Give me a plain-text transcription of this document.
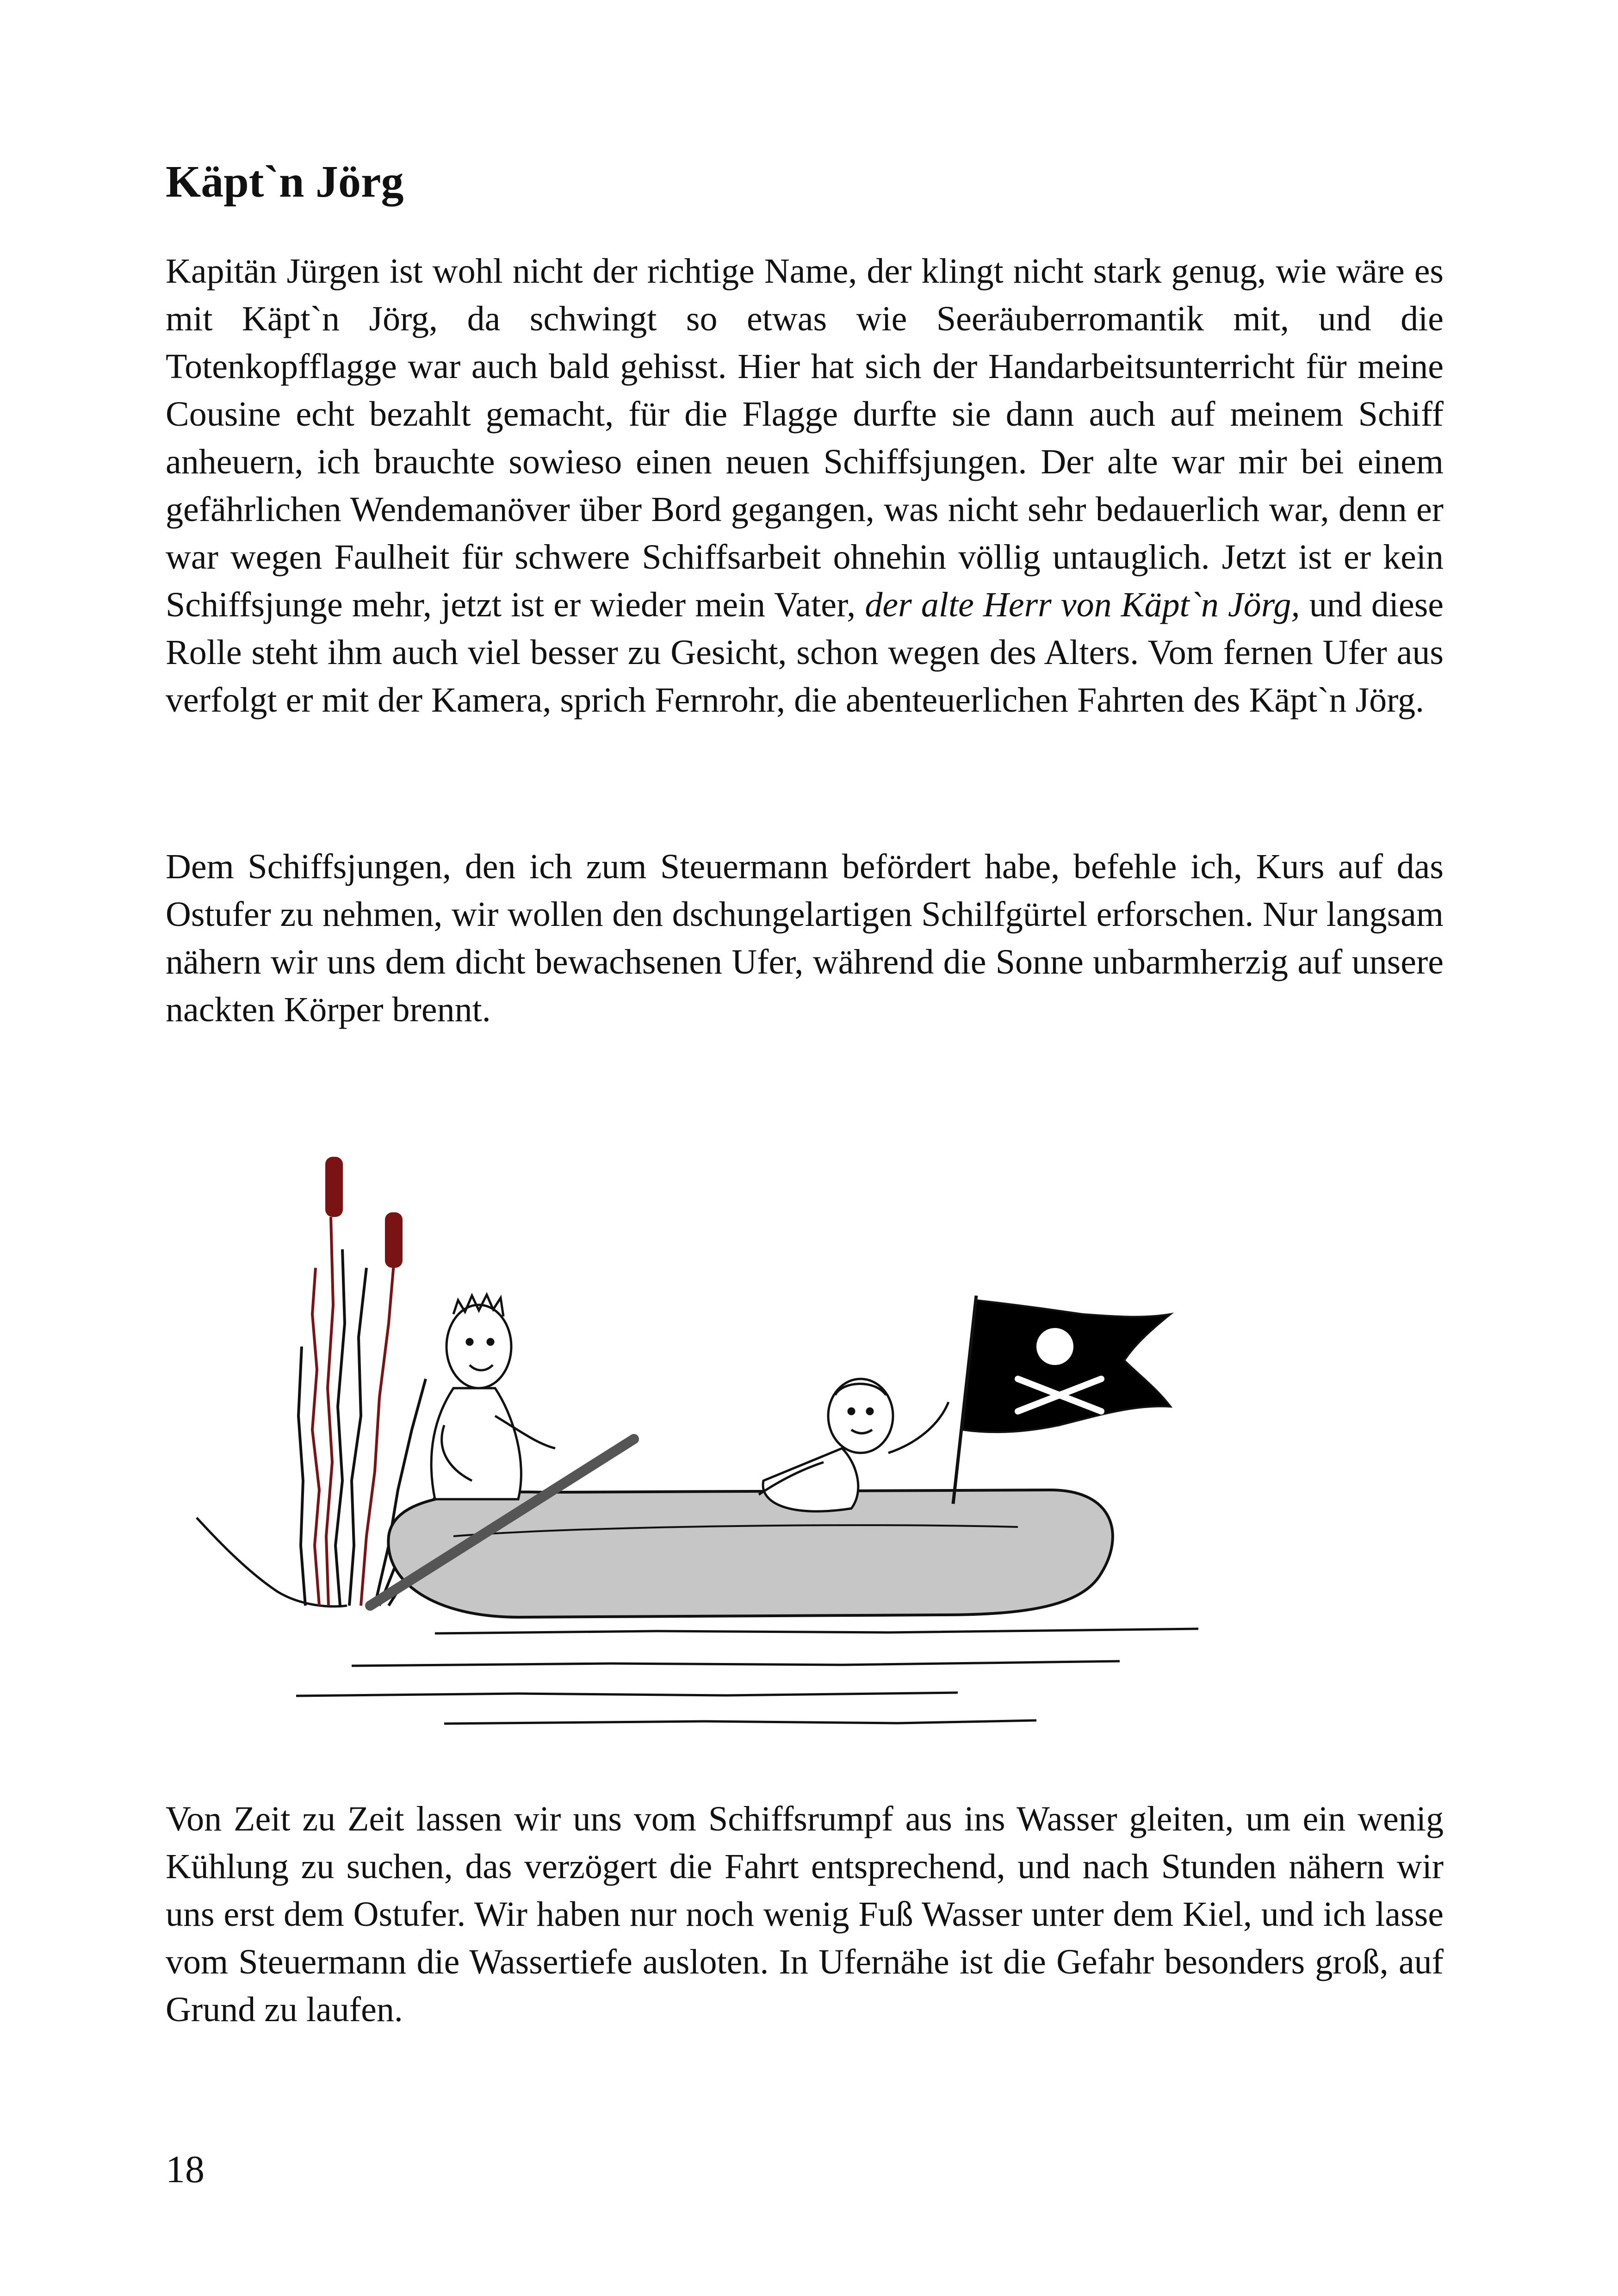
Käpt`n Jörg

Kapitän Jürgen ist wohl nicht der richtige Name, der klingt nicht stark genug, wie wäre es mit Käpt`n Jörg, da schwingt so etwas wie Seeräuberromantik mit, und die Totenkopfflagge war auch bald gehisst. Hier hat sich der Handarbeitsunterricht für meine Cousine echt bezahlt gemacht, für die Flagge durfte sie dann auch auf meinem Schiff anheuern, ich brauchte sowieso einen neuen Schiffsjungen. Der alte war mir bei einem gefährlichen Wendemanöver über Bord gegangen, was nicht sehr bedauerlich war, denn er war wegen Faulheit für schwere Schiffsarbeit ohnehin völlig untauglich. Jetzt ist er kein Schiffsjunge mehr, jetzt ist er wieder mein Vater, der alte Herr von Käpt`n Jörg, und diese Rolle steht ihm auch viel besser zu Gesicht, schon wegen des Alters. Vom fernen Ufer aus verfolgt er mit der Kamera, sprich Fernrohr, die abenteuerlichen Fahrten des Käpt`n Jörg.

Dem Schiffsjungen, den ich zum Steuermann befördert habe, befehle ich, Kurs auf das Ostufer zu nehmen, wir wollen den dschungelartigen Schilfgürtel erforschen. Nur langsam nähern wir uns dem dicht bewachsenen Ufer, während die Sonne unbarmherzig auf unsere nackten Körper brennt.

Von Zeit zu Zeit lassen wir uns vom Schiffsrumpf aus ins Wasser gleiten, um ein wenig Kühlung zu suchen, das verzögert die Fahrt entsprechend, und nach Stunden nähern wir uns erst dem Ostufer. Wir haben nur noch wenig Fuß Wasser unter dem Kiel, und ich lasse vom Steuermann die Wassertiefe ausloten. In Ufernähe ist die Gefahr besonders groß, auf Grund zu laufen.

18
